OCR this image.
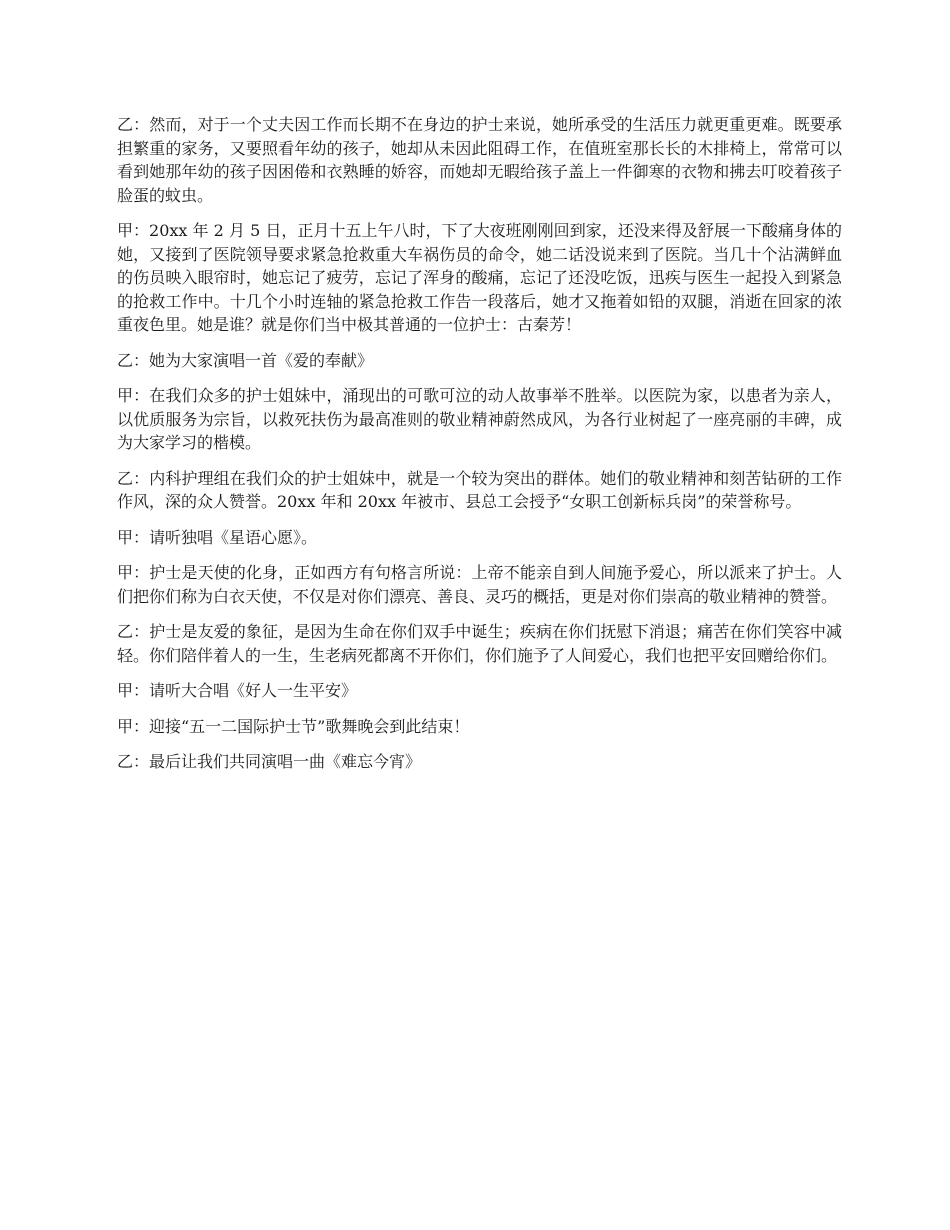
乙：然而，对于一个丈夫因工作而长期不在身边的护士来说，她所承受的生活压力就更重更难。既要承担繁重的家务，又要照看年幼的孩子，她却从未因此阻碍工作，在值班室那长长的木排椅上，常常可以看到她那年幼的孩子因困倦和衣熟睡的娇容，而她却无暇给孩子盖上一件御寒的衣物和拂去叮咬着孩子脸蛋的蚊虫。

甲：20xx 年 2 月 5 日，正月十五上午八时，下了大夜班刚刚回到家，还没来得及舒展一下酸痛身体的她，又接到了医院领导要求紧急抢救重大车祸伤员的命令，她二话没说来到了医院。当几十个沾满鲜血的伤员映入眼帘时，她忘记了疲劳，忘记了浑身的酸痛，忘记了还没吃饭，迅疾与医生一起投入到紧急的抢救工作中。十几个小时连轴的紧急抢救工作告一段落后，她才又拖着如铅的双腿，消逝在回家的浓重夜色里。她是谁？就是你们当中极其普通的一位护士：古秦芳！

乙：她为大家演唱一首《爱的奉献》

甲：在我们众多的护士姐妹中，涌现出的可歌可泣的动人故事举不胜举。以医院为家，以患者为亲人，以优质服务为宗旨，以救死扶伤为最高准则的敬业精神蔚然成风，为各行业树起了一座亮丽的丰碑，成为大家学习的楷模。

乙：内科护理组在我们众的护士姐妹中，就是一个较为突出的群体。她们的敬业精神和刻苦钻研的工作作风，深的众人赞誉。20xx 年和 20xx 年被市、县总工会授予“女职工创新标兵岗”的荣誉称号。

甲：请听独唱《星语心愿》。

甲：护士是天使的化身，正如西方有句格言所说：上帝不能亲自到人间施予爱心，所以派来了护士。人们把你们称为白衣天使，不仅是对你们漂亮、善良、灵巧的概括，更是对你们崇高的敬业精神的赞誉。

乙：护士是友爱的象征，是因为生命在你们双手中诞生；疾病在你们抚慰下消退；痛苦在你们笑容中减轻。你们陪伴着人的一生，生老病死都离不开你们，你们施予了人间爱心，我们也把平安回赠给你们。

甲：请听大合唱《好人一生平安》

甲：迎接“五一二国际护士节”歌舞晚会到此结束！

乙：最后让我们共同演唱一曲《难忘今宵》
